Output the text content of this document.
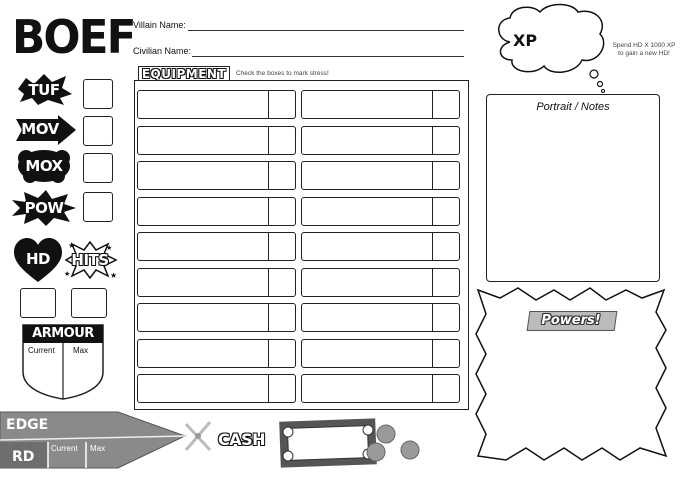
BOEF
Villain Name:
Civilian Name:
TUF
MOV
MOX
POW
HD
★	★
★	★
HITS
ARMOUR
Current Max
EQUIPMENT	Check the boxes to mark stress!
XP	Spend HD X 1000 XP
to gain a new HD!
Portrait / Notes
Powers!
EDGE
RD
Current Max	CASH
